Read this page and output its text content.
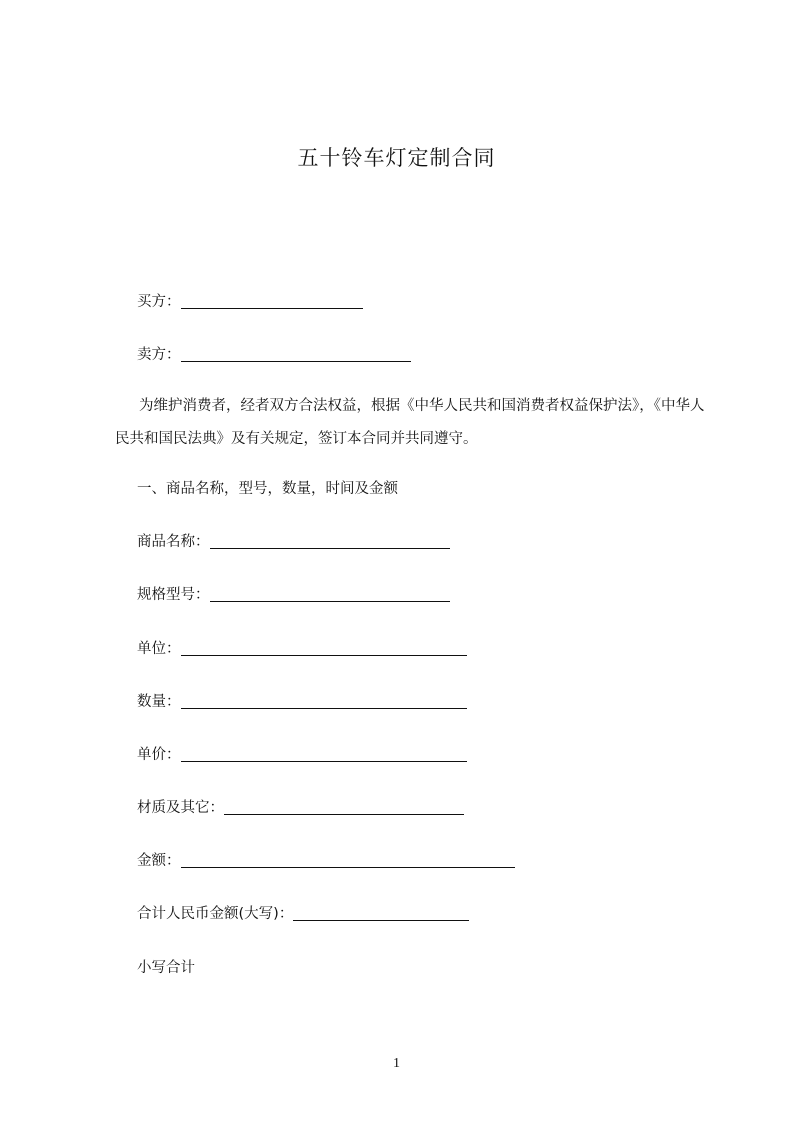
五十铃车灯定制合同
买方：
卖方：
为维护消费者，经者双方合法权益，根据《中华人民共和国消费者权益保护法》，《中华人民共和国民法典》及有关规定，签订本合同并共同遵守。
一、商品名称，型号，数量，时间及金额
商品名称：
规格型号：
单位：
数量：
单价：
材质及其它：
金额：
合计人民币金额(大写)：
小写合计
1
